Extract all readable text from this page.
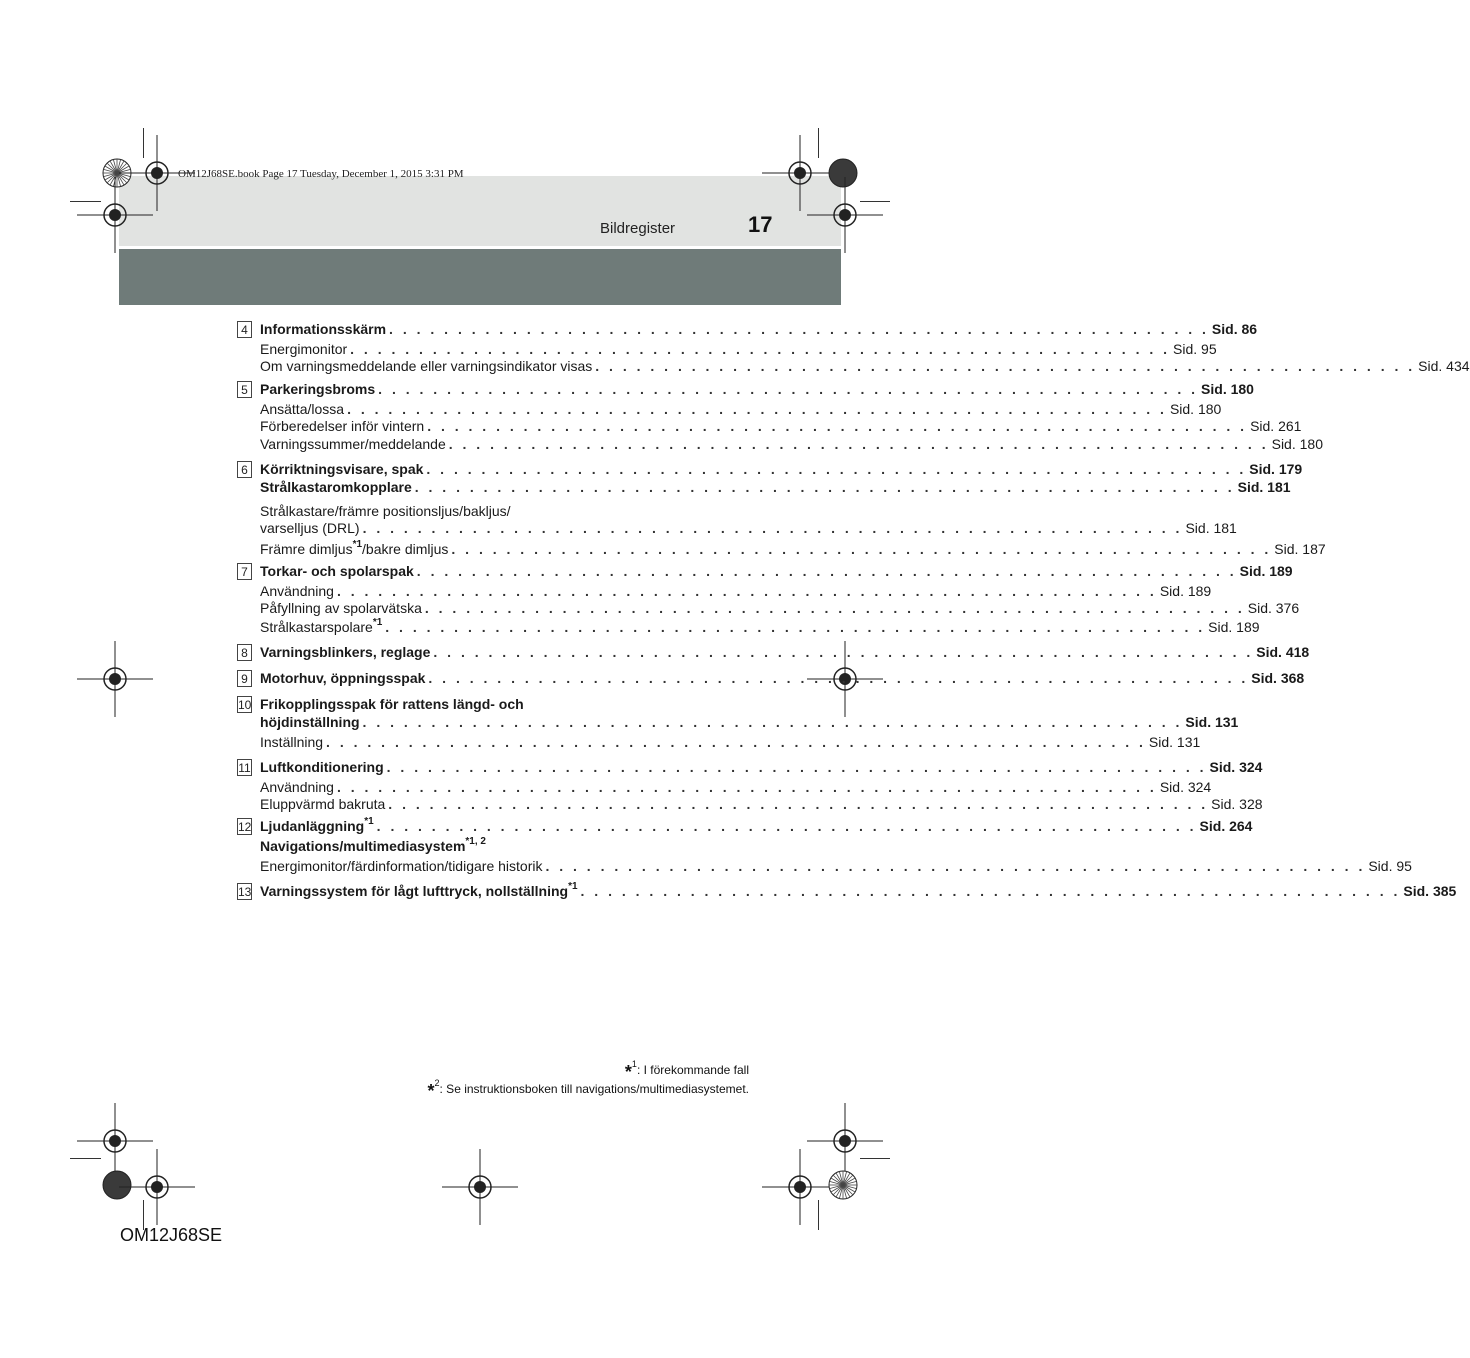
OM12J68SE.book Page 17 Tuesday, December 1, 2015 3:31 PM
Bildregister	17
4 Informationsskärm . . . . . . . . . . . . . . . . . . . . . . . . . . . . . . . . . . . . . . . . . . . . . . . . . . . . . . . . . . . . Sid. 86
Energimonitor . . . . . . . . . . . . . . . . . . . . . . . . . . . . . . . . . . . . . . . . . . . . . . . . . . . . . . . . . . . . Sid. 95
Om varningsmeddelande eller varningsindikator visas . . . . . . . . . . . . . . . . . . . . . . . . . . . . . . . . . . . . . . . . . . . . . . . . . . . . . . . . . . . . Sid. 434
5 Parkeringsbroms . . . . . . . . . . . . . . . . . . . . . . . . . . . . . . . . . . . . . . . . . . . . . . . . . . . . . . . . . . . . Sid. 180
Ansätta/lossa . . . . . . . . . . . . . . . . . . . . . . . . . . . . . . . . . . . . . . . . . . . . . . . . . . . . . . . . . . . . Sid. 180
Förberedelser inför vintern . . . . . . . . . . . . . . . . . . . . . . . . . . . . . . . . . . . . . . . . . . . . . . . . . . . . . . . . . . . . Sid. 261
Varningssummer/meddelande . . . . . . . . . . . . . . . . . . . . . . . . . . . . . . . . . . . . . . . . . . . . . . . . . . . . . . . . . . . . Sid. 180
6 Körriktningsvisare, spak . . . . . . . . . . . . . . . . . . . . . . . . . . . . . . . . . . . . . . . . . . . . . . . . . . . . . . . . . . . . Sid. 179
Strålkastaromkopplare . . . . . . . . . . . . . . . . . . . . . . . . . . . . . . . . . . . . . . . . . . . . . . . . . . . . . . . . . . . . Sid. 181
Strålkastare/främre positionsljus/bakljus/
varselljus (DRL) . . . . . . . . . . . . . . . . . . . . . . . . . . . . . . . . . . . . . . . . . . . . . . . . . . . . . . . . . . . . Sid. 181
Främre dimljus$^{*1}$/bakre dimljus . . . . . . . . . . . . . . . . . . . . . . . . . . . . . . . . . . . . . . . . . . . . . . . . . . . . . . . . . . . . Sid. 187
7 Torkar- och spolarspak . . . . . . . . . . . . . . . . . . . . . . . . . . . . . . . . . . . . . . . . . . . . . . . . . . . . . . . . . . . . Sid. 189
Användning . . . . . . . . . . . . . . . . . . . . . . . . . . . . . . . . . . . . . . . . . . . . . . . . . . . . . . . . . . . . Sid. 189
Påfyllning av spolarvätska . . . . . . . . . . . . . . . . . . . . . . . . . . . . . . . . . . . . . . . . . . . . . . . . . . . . . . . . . . . . Sid. 376
Strålkastarspolare$^{*1}$ . . . . . . . . . . . . . . . . . . . . . . . . . . . . . . . . . . . . . . . . . . . . . . . . . . . . . . . . . . . . Sid. 189
8 Varningsblinkers, reglage . . . . . . . . . . . . . . . . . . . . . . . . . . . . . . . . . . . . . . . . . . . . . . . . . . . . . . . . . . . . Sid. 418
9 Motorhuv, öppningsspak . . . . . . . . . . . . . . . . . . . . . . . . . . . . . . . . . . . . . . . . . . . . . . . . . . . . . . . . . . . . Sid. 368
10 Frikopplingsspak för rattens längd- och
höjdinställning . . . . . . . . . . . . . . . . . . . . . . . . . . . . . . . . . . . . . . . . . . . . . . . . . . . . . . . . . . . . Sid. 131
Inställning . . . . . . . . . . . . . . . . . . . . . . . . . . . . . . . . . . . . . . . . . . . . . . . . . . . . . . . . . . . . Sid. 131
11 Luftkonditionering . . . . . . . . . . . . . . . . . . . . . . . . . . . . . . . . . . . . . . . . . . . . . . . . . . . . . . . . . . . . Sid. 324
Användning . . . . . . . . . . . . . . . . . . . . . . . . . . . . . . . . . . . . . . . . . . . . . . . . . . . . . . . . . . . . Sid. 324
Eluppvärmd bakruta . . . . . . . . . . . . . . . . . . . . . . . . . . . . . . . . . . . . . . . . . . . . . . . . . . . . . . . . . . . . Sid. 328
12 Ljudanläggning$^{*1}$ . . . . . . . . . . . . . . . . . . . . . . . . . . . . . . . . . . . . . . . . . . . . . . . . . . . . . . . . . . . . Sid. 264
Navigations/multimediasystem$^{*1, 2}$
Energimonitor/färdinformation/tidigare historik . . . . . . . . . . . . . . . . . . . . . . . . . . . . . . . . . . . . . . . . . . . . . . . . . . . . . . . . . . . . Sid. 95
13 Varningssystem för lågt lufttryck, nollställning$^{*1}$ . . . . . . . . . . . . . . . . . . . . . . . . . . . . . . . . . . . . . . . . . . . . . . . . . . . . . . . . . . . . Sid. 385
*$^1$: I förekommande fall
*$^2$: Se instruktionsboken till navigations/multimediasystemet.
OM12J68SE
